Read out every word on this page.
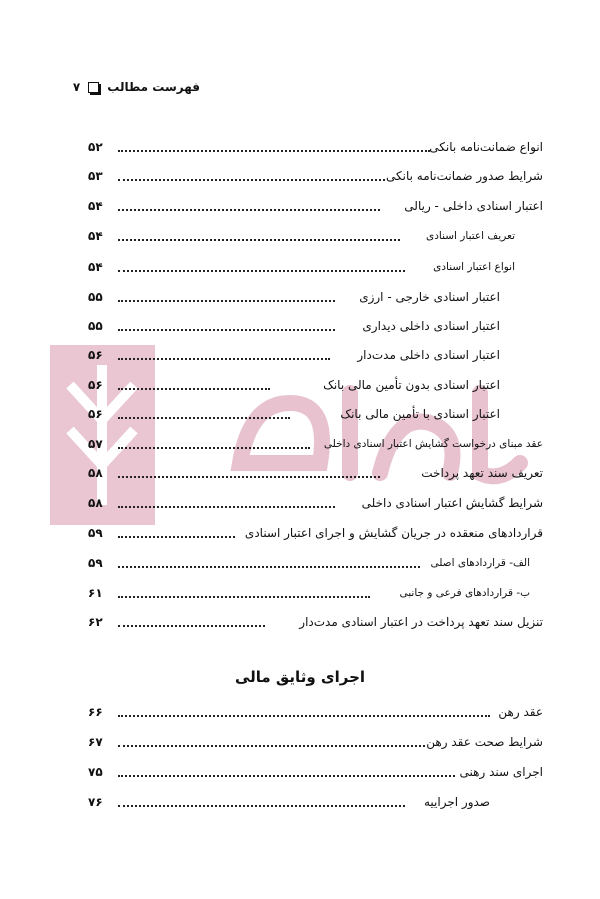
فهرست مطالب
۷
انواع ضمانت‌نامه بانکی
۵۲
شرایط صدور ضمانت‌نامه بانکی
۵۳
اعتبار اسنادی داخلی - ریالی
۵۴
تعریف اعتبار اسنادی
۵۴
انواع اعتبار اسنادی
۵۴
اعتبار اسنادی خارجی - ارزی
۵۵
اعتبار اسنادی داخلی دیداری
۵۵
اعتبار اسنادی داخلی مدت‌دار
۵۶
اعتبار اسنادی بدون تأمین مالی بانک
۵۶
اعتبار اسنادی با تأمین مالی بانک
۵۶
عقد مبنای درخواست گشایش اعتبار اسنادی داخلی
۵۷
تعریف سند تعهد پرداخت
۵۸
شرایط گشایش اعتبار اسنادی داخلی
۵۸
قراردادهای منعقده در جریان گشایش و اجرای اعتبار اسنادی
۵۹
الف- قراردادهای اصلی
۵۹
ب- قراردادهای فرعی و جانبی
۶۱
تنزیل سند تعهد پرداخت در اعتبار اسنادی مدت‌دار
۶۲
اجرای وثایق مالی
عقد رهن
۶۶
شرایط صحت عقد رهن
۶۷
اجرای سند رهنی
۷۵
صدور اجراییه
۷۶
